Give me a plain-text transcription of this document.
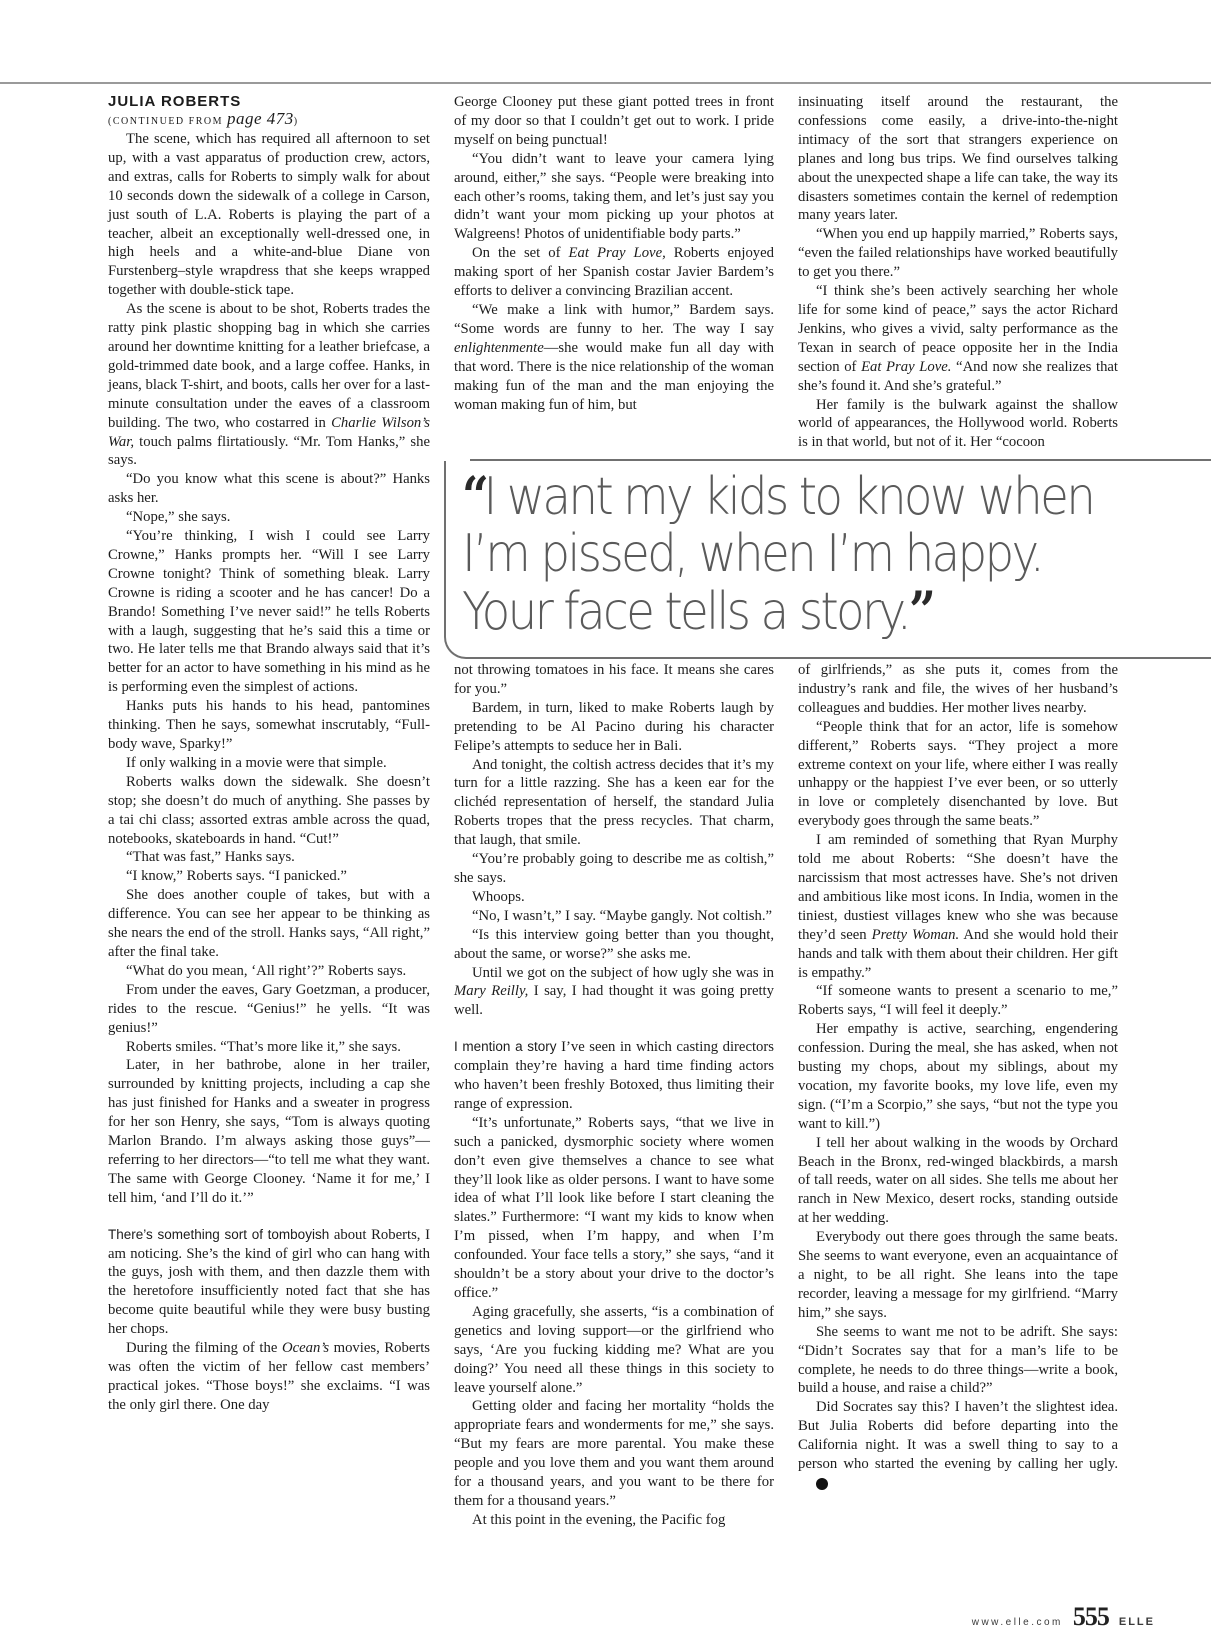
JULIA ROBERTS

(CONTINUED FROM page 473)

The scene, which has required all afternoon to set up, with a vast apparatus of production crew, actors, and extras, calls for Roberts to simply walk for about 10 seconds down the sidewalk of a college in Carson, just south of L.A. Roberts is playing the part of a teacher, albeit an exceptionally well-dressed one, in high heels and a white-and-blue Diane von Furstenberg–style wrapdress that she keeps wrapped together with double-stick tape.

As the scene is about to be shot, Roberts trades the ratty pink plastic shopping bag in which she carries around her downtime knitting for a leather briefcase, a gold-trimmed date book, and a large coffee. Hanks, in jeans, black T-shirt, and boots, calls her over for a last-minute consultation under the eaves of a classroom building. The two, who costarred in Charlie Wilson’s War, touch palms flirtatiously. “Mr. Tom Hanks,” she says.

“Do you know what this scene is about?” Hanks asks her.

“Nope,” she says.

“You’re thinking, I wish I could see Larry Crowne,” Hanks prompts her. “Will I see Larry Crowne tonight? Think of something bleak. Larry Crowne is riding a scooter and he has cancer! Do a Brando! Something I’ve never said!” he tells Roberts with a laugh, suggesting that he’s said this a time or two. He later tells me that Brando always said that it’s better for an actor to have something in his mind as he is performing even the simplest of actions.

Hanks puts his hands to his head, pantomines thinking. Then he says, somewhat inscrutably, “Full-body wave, Sparky!”

If only walking in a movie were that simple.

Roberts walks down the sidewalk. She doesn’t stop; she doesn’t do much of anything. She passes by a tai chi class; assorted extras amble across the quad, notebooks, skateboards in hand. “Cut!”

“That was fast,” Hanks says.

“I know,” Roberts says. “I panicked.”

She does another couple of takes, but with a difference. You can see her appear to be thinking as she nears the end of the stroll. Hanks says, “All right,” after the final take.

“What do you mean, ‘All right’?” Roberts says.

From under the eaves, Gary Goetzman, a producer, rides to the rescue. “Genius!” he yells. “It was genius!”

Roberts smiles. “That’s more like it,” she says.

Later, in her bathrobe, alone in her trailer, surrounded by knitting projects, including a cap she has just finished for Hanks and a sweater in progress for her son Henry, she says, “Tom is always quoting Marlon Brando. I’m always asking those guys”—referring to her directors—“to tell me what they want. The same with George Clooney. ‘Name it for me,’ I tell him, ‘and I’ll do it.’”

There’s something sort of tomboyish about Roberts, I am noticing. She’s the kind of girl who can hang with the guys, josh with them, and then dazzle them with the heretofore insufficiently noted fact that she has become quite beautiful while they were busy busting her chops.

During the filming of the Ocean’s movies, Roberts was often the victim of her fellow cast members’ practical jokes. “Those boys!” she exclaims. “I was the only girl there. One day

George Clooney put these giant potted trees in front of my door so that I couldn’t get out to work. I pride myself on being punctual!

“You didn’t want to leave your camera lying around, either,” she says. “People were breaking into each other’s rooms, taking them, and let’s just say you didn’t want your mom picking up your photos at Walgreens! Photos of unidentifiable body parts.”

On the set of Eat Pray Love, Roberts enjoyed making sport of her Spanish costar Javier Bardem’s efforts to deliver a convincing Brazilian accent.

“We make a link with humor,” Bardem says. “Some words are funny to her. The way I say enlightenmente—she would make fun all day with that word. There is the nice relationship of the woman making fun of the man and the man enjoying the woman making fun of him, but

insinuating itself around the restaurant, the confessions come easily, a drive-into-the-night intimacy of the sort that strangers experience on planes and long bus trips. We find ourselves talking about the unexpected shape a life can take, the way its disasters sometimes contain the kernel of redemption many years later.

“When you end up happily married,” Roberts says, “even the failed relationships have worked beautifully to get you there.”

“I think she’s been actively searching her whole life for some kind of peace,” says the actor Richard Jenkins, who gives a vivid, salty performance as the Texan in search of peace opposite her in the India section of Eat Pray Love. “And now she realizes that she’s found it. And she’s grateful.”

Her family is the bulwark against the shallow world of appearances, the Hollywood world. Roberts is in that world, but not of it. Her “cocoon

“I want my kids to know when I’m pissed, when I’m happy. Your face tells a story.”

not throwing tomatoes in his face. It means she cares for you.”

Bardem, in turn, liked to make Roberts laugh by pretending to be Al Pacino during his character Felipe’s attempts to seduce her in Bali.

And tonight, the coltish actress decides that it’s my turn for a little razzing. She has a keen ear for the clichéd representation of herself, the standard Julia Roberts tropes that the press recycles. That charm, that laugh, that smile.

“You’re probably going to describe me as coltish,” she says.

Whoops.

“No, I wasn’t,” I say. “Maybe gangly. Not coltish.”

“Is this interview going better than you thought, about the same, or worse?” she asks me.

Until we got on the subject of how ugly she was in Mary Reilly, I say, I had thought it was going pretty well.

I mention a story I’ve seen in which casting directors complain they’re having a hard time finding actors who haven’t been freshly Botoxed, thus limiting their range of expression.

“It’s unfortunate,” Roberts says, “that we live in such a panicked, dysmorphic society where women don’t even give themselves a chance to see what they’ll look like as older persons. I want to have some idea of what I’ll look like before I start cleaning the slates.” Furthermore: “I want my kids to know when I’m pissed, when I’m happy, and when I’m confounded. Your face tells a story,” she says, “and it shouldn’t be a story about your drive to the doctor’s office.”

Aging gracefully, she asserts, “is a combination of genetics and loving support—or the girlfriend who says, ‘Are you fucking kidding me? What are you doing?’ You need all these things in this society to leave yourself alone.”

Getting older and facing her mortality “holds the appropriate fears and wonderments for me,” she says. “But my fears are more parental. You make these people and you love them and you want them around for a thousand years, and you want to be there for them for a thousand years.”

At this point in the evening, the Pacific fog

of girlfriends,” as she puts it, comes from the industry’s rank and file, the wives of her husband’s colleagues and buddies. Her mother lives nearby.

“People think that for an actor, life is somehow different,” Roberts says. “They project a more extreme context on your life, where either I was really unhappy or the happiest I’ve ever been, or so utterly in love or completely disenchanted by love. But everybody goes through the same beats.”

I am reminded of something that Ryan Murphy told me about Roberts: “She doesn’t have the narcissism that most actresses have. She’s not driven and ambitious like most icons. In India, women in the tiniest, dustiest villages knew who she was because they’d seen Pretty Woman. And she would hold their hands and talk with them about their children. Her gift is empathy.”

“If someone wants to present a scenario to me,” Roberts says, “I will feel it deeply.”

Her empathy is active, searching, engendering confession. During the meal, she has asked, when not busting my chops, about my siblings, about my vocation, my favorite books, my love life, even my sign. (“I’m a Scorpio,” she says, “but not the type you want to kill.”)

I tell her about walking in the woods by Orchard Beach in the Bronx, red-winged blackbirds, a marsh of tall reeds, water on all sides. She tells me about her ranch in New Mexico, desert rocks, standing outside at her wedding.

Everybody out there goes through the same beats. She seems to want everyone, even an acquaintance of a night, to be all right. She leans into the tape recorder, leaving a message for my girlfriend. “Marry him,” she says.

She seems to want me not to be adrift. She says: “Didn’t Socrates say that for a man’s life to be complete, he needs to do three things—write a book, build a house, and raise a child?”

Did Socrates say this? I haven’t the slightest idea. But Julia Roberts did before departing into the California night. It was a swell thing to say to a person who started the evening by calling her ugly.

www.elle.com 555 ELLE
